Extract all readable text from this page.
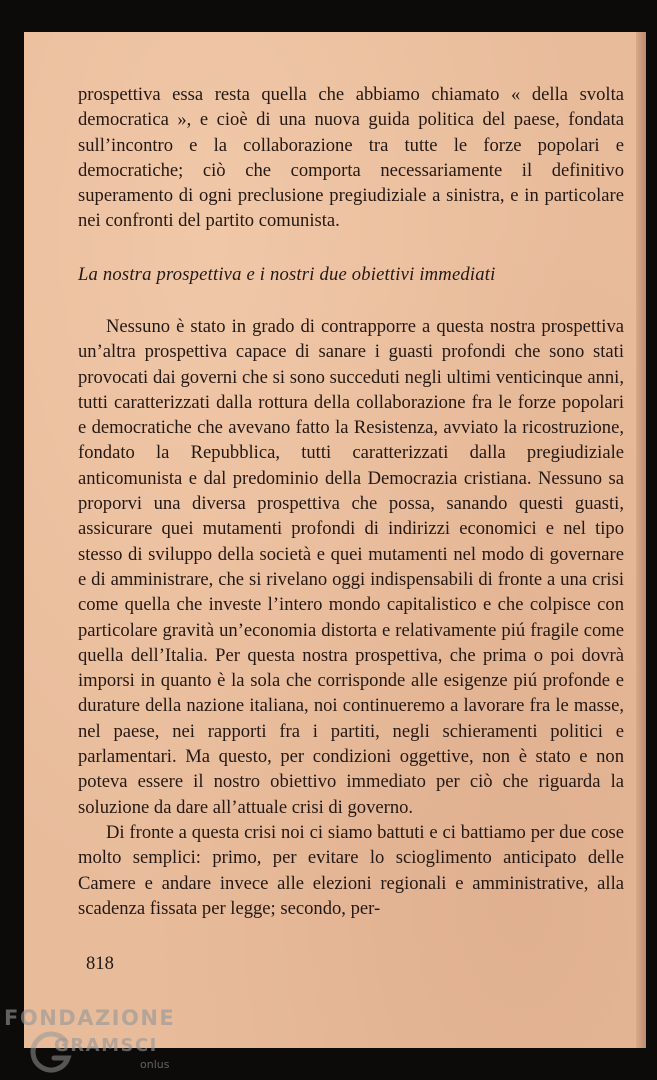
prospettiva essa resta quella che abbiamo chiamato « della svolta democratica », e cioè di una nuova guida politica del paese, fondata sull’incontro e la collaborazione tra tutte le forze popolari e democratiche; ciò che comporta necessariamente il definitivo superamento di ogni preclusione pregiudiziale a sinistra, e in particolare nei confronti del partito comunista.

La nostra prospettiva e i nostri due obiettivi immediati

Nessuno è stato in grado di contrapporre a questa nostra prospettiva un’altra prospettiva capace di sanare i guasti profondi che sono stati provocati dai governi che si sono succeduti negli ultimi venticinque anni, tutti caratterizzati dalla rottura della collaborazione fra le forze popolari e democratiche che avevano fatto la Resistenza, avviato la ricostruzione, fondato la Repubblica, tutti caratterizzati dalla pregiudiziale anticomunista e dal predominio della Democrazia cristiana. Nessuno sa proporvi una diversa prospettiva che possa, sanando questi guasti, assicurare quei mutamenti profondi di indirizzi economici e nel tipo stesso di sviluppo della società e quei mutamenti nel modo di governare e di amministrare, che si rivelano oggi indispensabili di fronte a una crisi come quella che investe l’intero mondo capitalistico e che colpisce con particolare gravità un’economia distorta e relativamente piú fragile come quella dell’Italia. Per questa nostra prospettiva, che prima o poi dovrà imporsi in quanto è la sola che corrisponde alle esigenze piú profonde e durature della nazione italiana, noi continueremo a lavorare fra le masse, nel paese, nei rapporti fra i partiti, negli schieramenti politici e parlamentari. Ma questo, per condizioni oggettive, non è stato e non poteva essere il nostro obiettivo immediato per ciò che riguarda la soluzione da dare all’attuale crisi di governo.

Di fronte a questa crisi noi ci siamo battuti e ci battiamo per due cose molto semplici: primo, per evitare lo scioglimento anticipato delle Camere e andare invece alle elezioni regionali e amministrative, alla scadenza fissata per legge; secondo, per-

818
FONDAZIONE
GRAMSCI
onlus
